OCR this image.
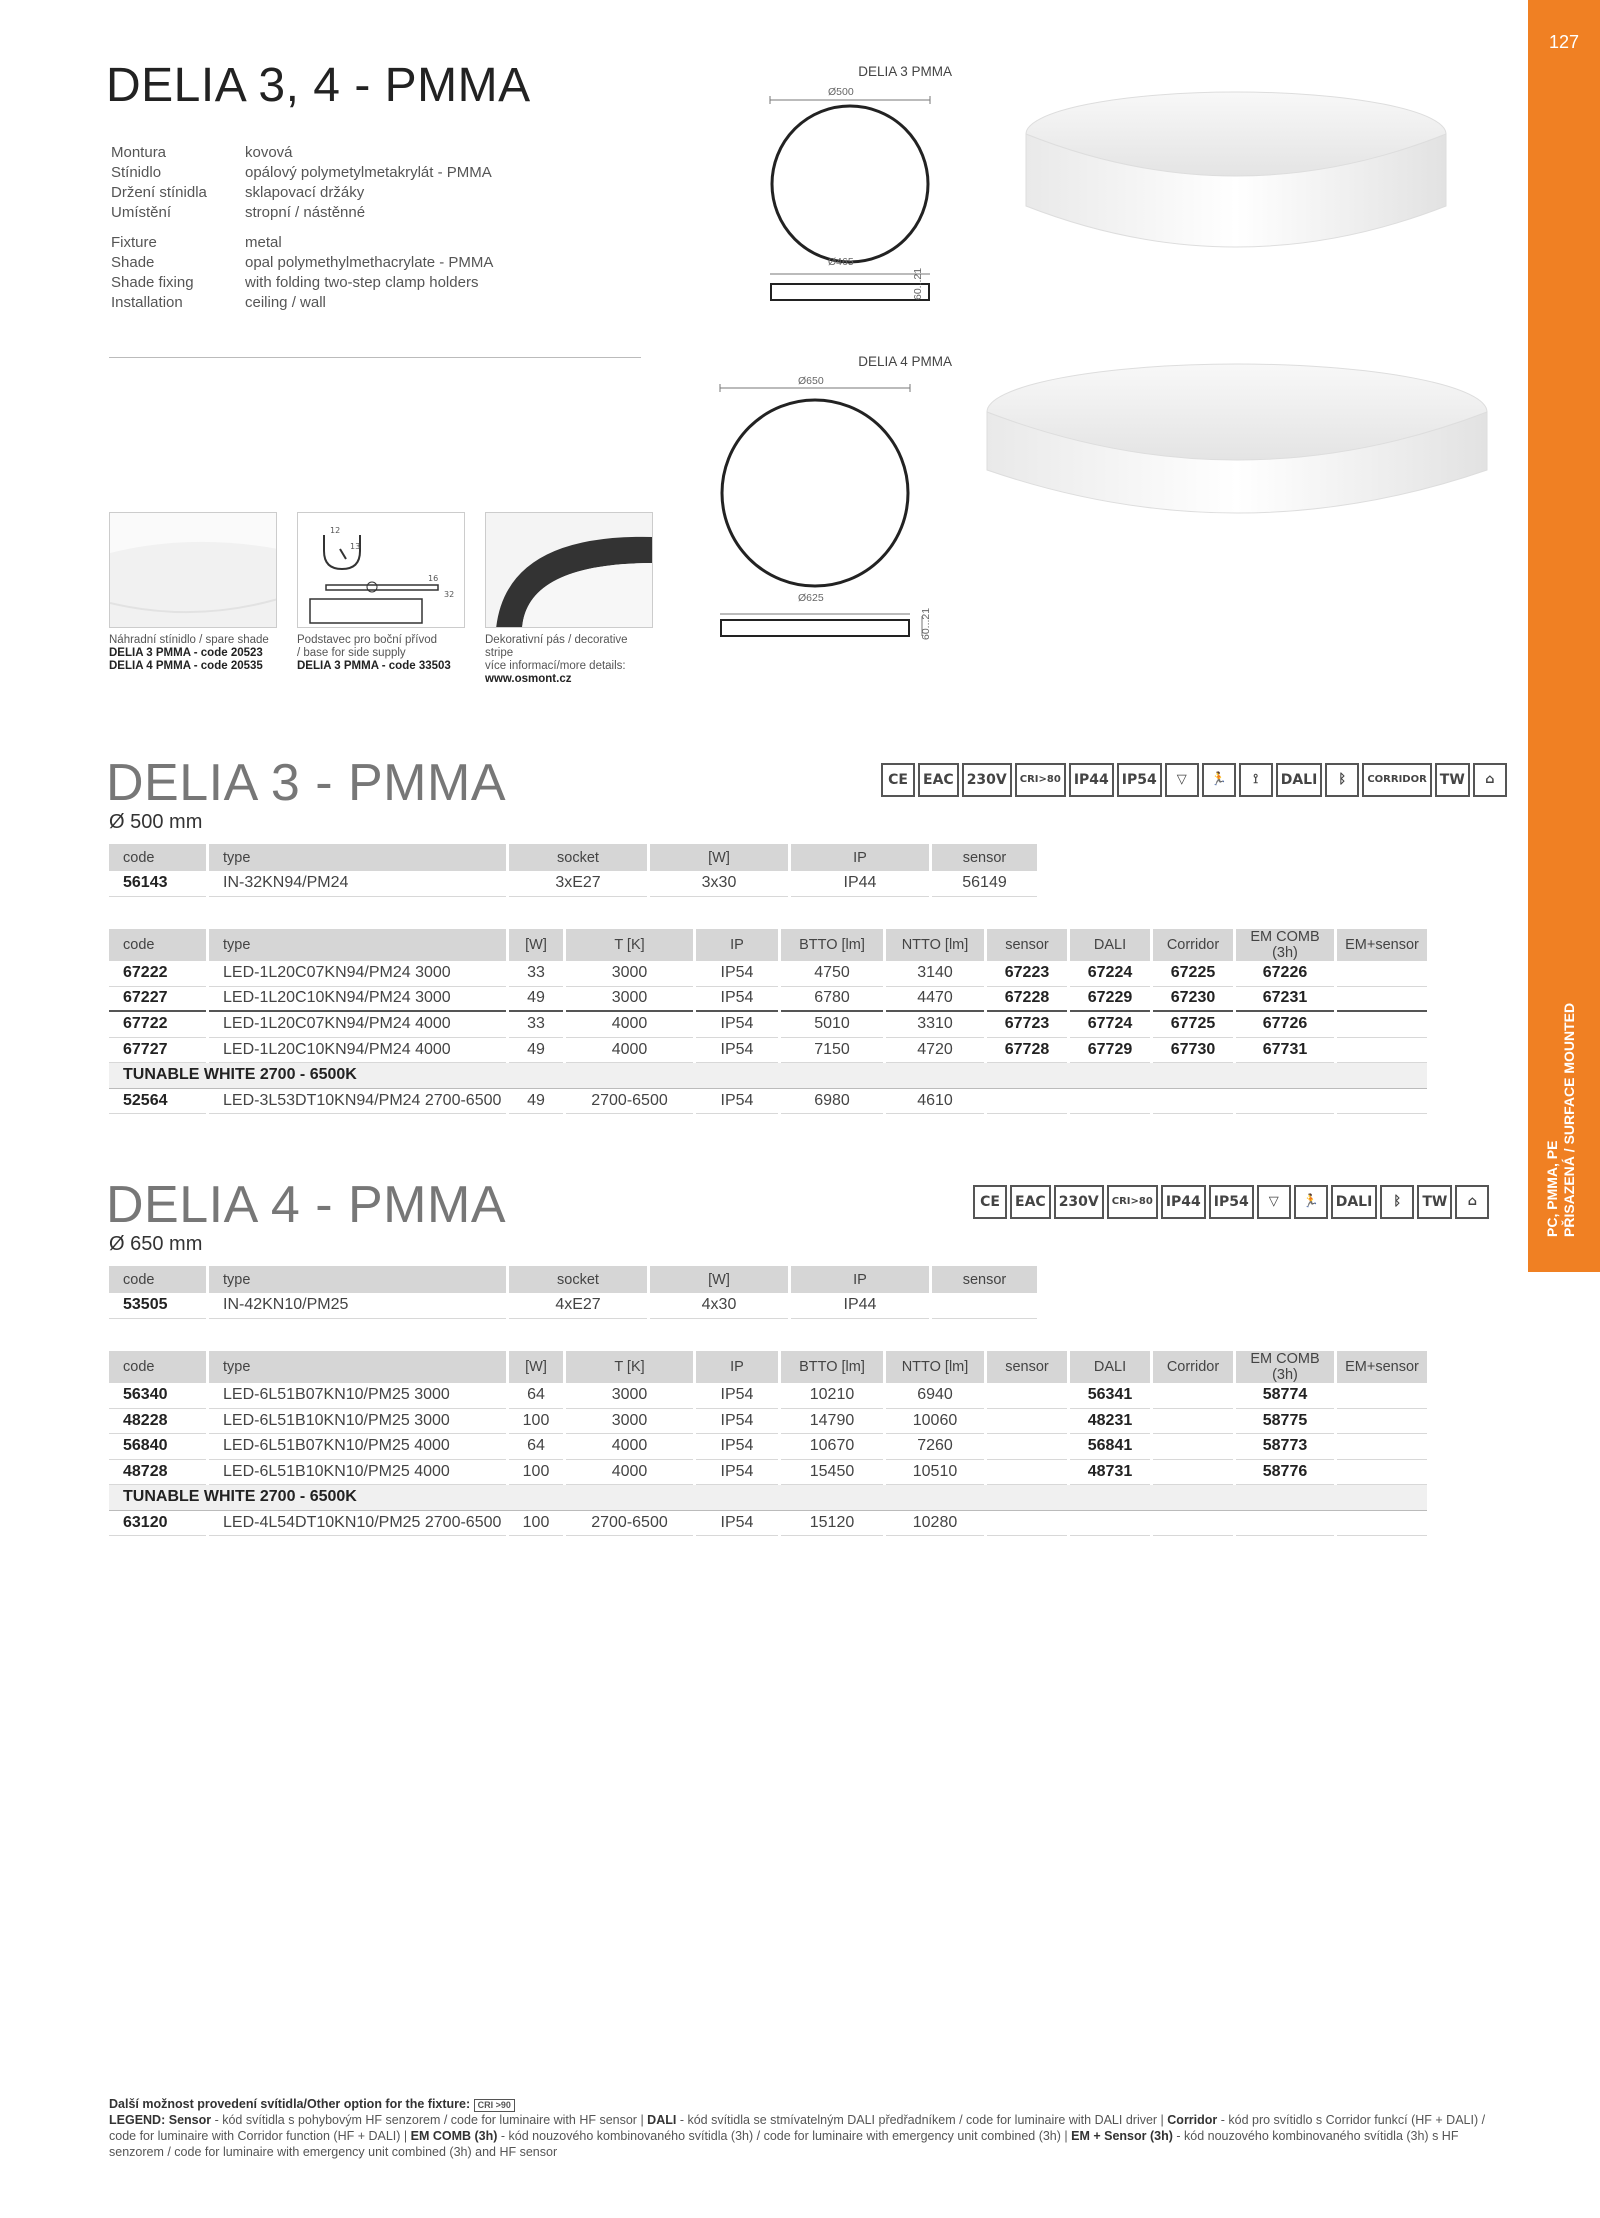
127
PC, PMMA, PE PŘISAZENÁ / SURFACE MOUNTED
DELIA 3, 4 - PMMA
Montura	kovová
Stínidlo	opálový polymetylmetakrylát - PMMA
Držení stínidla	sklapovací držáky
Umístění	stropní / nástěnné
Fixture	metal
Shade	opal polymethylmethacrylate - PMMA
Shade fixing	with folding two-step clamp holders
Installation	ceiling / wall
DELIA 3 PMMA
Ø500
Ø465
60...21
DELIA 4 PMMA
Ø650
Ø625
60...21
12
13
16
32
Náhradní stínidlo / spare shade
DELIA 3 PMMA - code 20523
DELIA 4 PMMA - code 20535
Podstavec pro boční přívod
/ base for side supply
DELIA 3 PMMA - code 33503
Dekorativní pás / decorative
stripe
více informací/more details:
www.osmont.cz
DELIA 3 - PMMA
Ø 500 mm
CE	EAC 230V	CRI >80 IP44 IP54	▽	🏃	⟟	DALI	ᛒ	CORR IDOR TW	⌂
code	type	socket	[W]	IP	sensor
56143	IN-32KN94/PM24	3xE27	3x30	IP44	56149
code	type	[W]	T [K]	IP	BTTO [lm]	NTTO [lm]	sensor	DALI	Corridor	EM COMB (3h)	EM+sensor
67222	LED-1L20C07KN94/PM24 3000	33	3000	IP54	4750	3140	67223	67224	67225	67226	
67227	LED-1L20C10KN94/PM24 3000	49	3000	IP54	6780	4470	67228	67229	67230	67231	
67722	LED-1L20C07KN94/PM24 4000	33	4000	IP54	5010	3310	67723	67724	67725	67726	
67727	LED-1L20C10KN94/PM24 4000	49	4000	IP54	7150	4720	67728	67729	67730	67731	
TUNABLE WHITE 2700 - 6500K											
52564	LED-3L53DT10KN94/PM24 2700-6500	49	2700-6500	IP54	6980	4610					
DELIA 4 - PMMA
Ø 650 mm
CE	EAC 230V	CRI >80 IP44 IP54	▽	🏃	DALI	ᛒ	TW	⌂
code	type	socket	[W]	IP	sensor
53505	IN-42KN10/PM25	4xE27	4x30	IP44	
code	type	[W]	T [K]	IP	BTTO [lm]	NTTO [lm]	sensor	DALI	Corridor	EM COMB (3h)	EM+sensor
56340	LED-6L51B07KN10/PM25 3000	64	3000	IP54	10210	6940		56341		58774	
48228	LED-6L51B10KN10/PM25 3000	100	3000	IP54	14790	10060		48231		58775	
56840	LED-6L51B07KN10/PM25 4000	64	4000	IP54	10670	7260		56841		58773	
48728	LED-6L51B10KN10/PM25 4000	100	4000	IP54	15450	10510		48731		58776	
TUNABLE WHITE 2700 - 6500K											
63120	LED-4L54DT10KN10/PM25 2700-6500	100	2700-6500	IP54	15120	10280					
Další možnost provedení svítidla/Other option for the fixture: CRI >90
LEGEND: Sensor - kód svítidla s pohybovým HF senzorem / code for luminaire with HF sensor | DALI - kód svítidla se stmívatelným DALI předřadníkem / code for luminaire with DALI driver | Corridor - kód pro svítidlo s Corridor funkcí (HF + DALI) / code for luminaire with Corridor function (HF + DALI) | EM COMB (3h) - kód nouzového kombinovaného svítidla (3h) / code for luminaire with emergency unit combined (3h) | EM + Sensor (3h) - kód nouzového kombinovaného svítidla (3h) s HF senzorem / code for luminaire with emergency unit combined (3h) and HF sensor
